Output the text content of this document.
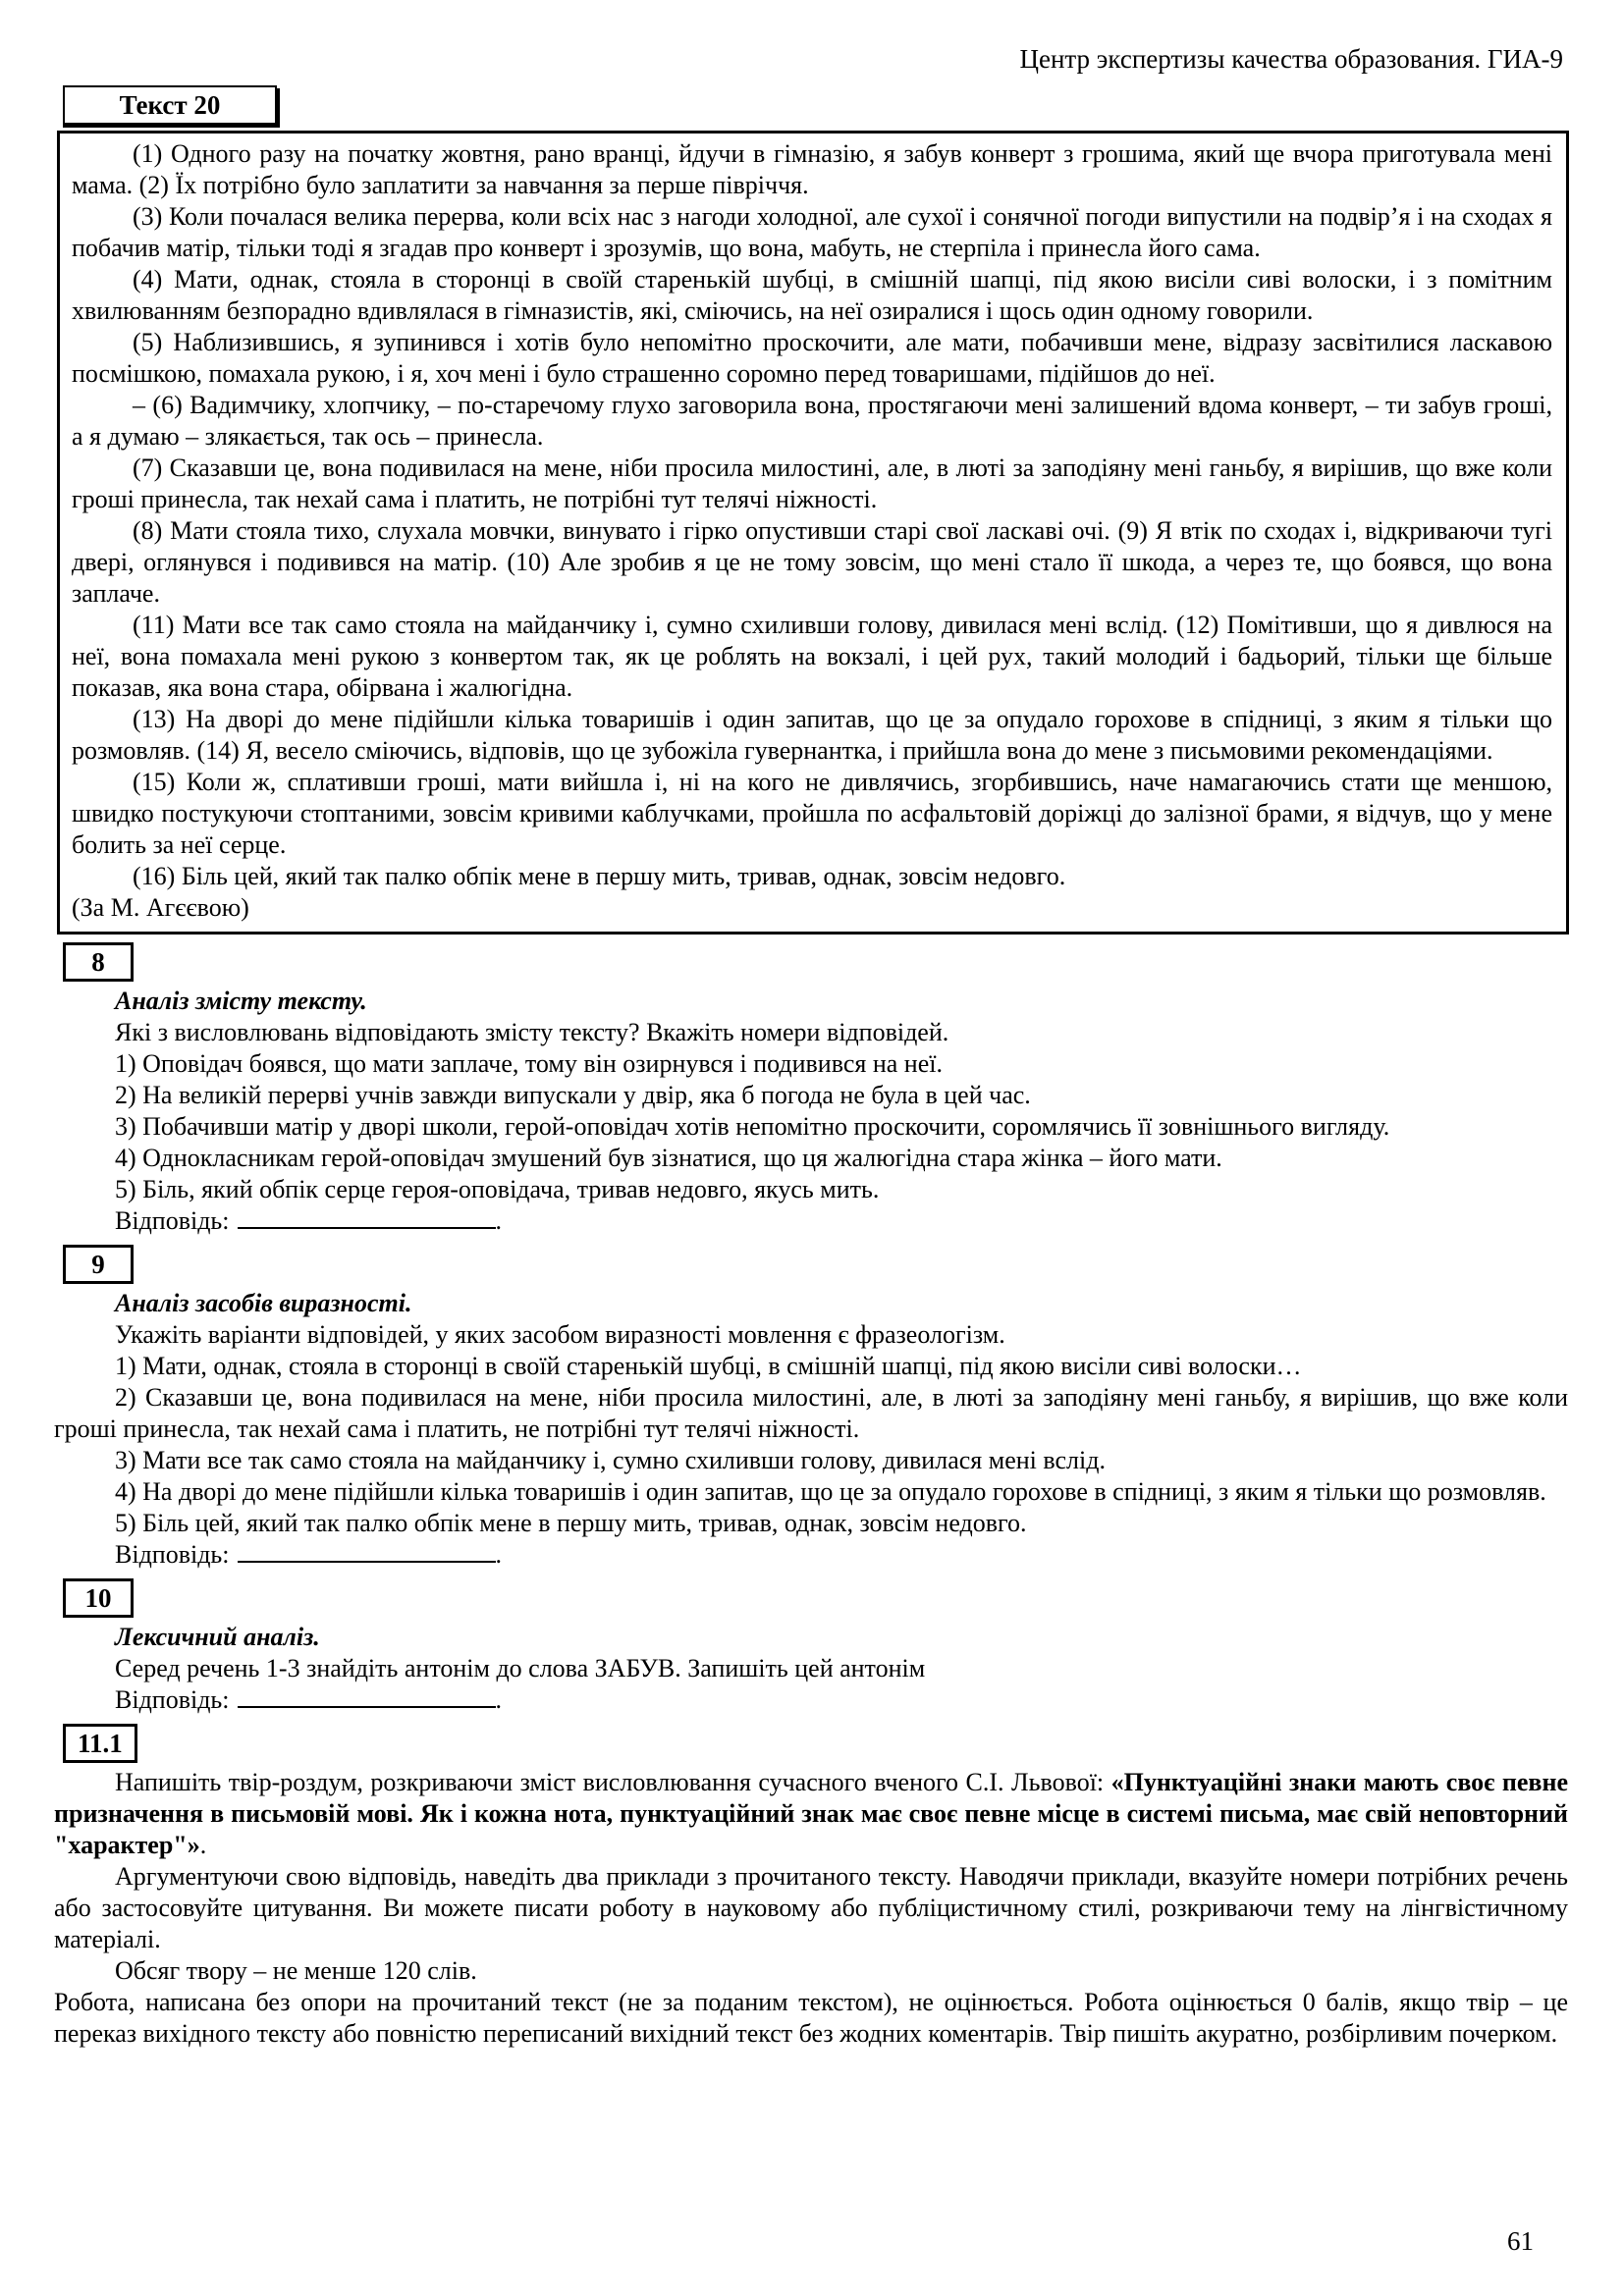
Центр экспертизы качества образования. ГИА-9
Текст 20

(1) Одного разу на початку жовтня, рано вранці, йдучи в гімназію, я забув конверт з грошима, який ще вчора приготувала мені мама. (2) Їх потрібно було заплатити за навчання за перше півріччя.

(3) Коли почалася велика перерва, коли всіх нас з нагоди холодної, але сухої і сонячної погоди випустили на подвір’я і на сходах я побачив матір, тільки тоді я згадав про конверт і зрозумів, що вона, мабуть, не стерпіла і принесла його сама.

(4) Мати, однак, стояла в сторонці в своїй старенькій шубці, в смішній шапці, під якою висіли сиві волоски, і з помітним хвилюванням безпорадно вдивлялася в гімназистів, які, сміючись, на неї озиралися і щось один одному говорили.

(5) Наблизившись, я зупинився і хотів було непомітно проскочити, але мати, побачивши мене, відразу засвітилися ласкавою посмішкою, помахала рукою, і я, хоч мені і було страшенно соромно перед товаришами, підійшов до неї.

– (6) Вадимчику, хлопчику, – по-старечому глухо заговорила вона, простягаючи мені залишений вдома конверт, – ти забув гроші, а я думаю – злякається, так ось – принесла.

(7) Сказавши це, вона подивилася на мене, ніби просила милостині, але, в люті за заподіяну мені ганьбу, я вирішив, що вже коли гроші принесла, так нехай сама і платить, не потрібні тут телячі ніжності.

(8) Мати стояла тихо, слухала мовчки, винувато і гірко опустивши старі свої ласкаві очі. (9) Я втік по сходах і, відкриваючи тугі двері, оглянувся і подивився на матір. (10) Але зробив я це не тому зовсім, що мені стало її шкода, а через те, що боявся, що вона заплаче.

(11) Мати все так само стояла на майданчику і, сумно схиливши голову, дивилася мені вслід. (12) Помітивши, що я дивлюся на неї, вона помахала мені рукою з конвертом так, як це роблять на вокзалі, і цей рух, такий молодий і бадьорий, тільки ще більше показав, яка вона стара, обірвана і жалюгідна.

(13) На дворі до мене підійшли кілька товаришів і один запитав, що це за опудало горохове в спідниці, з яким я тільки що розмовляв. (14) Я, весело сміючись, відповів, що це зубожіла гувернантка, і прийшла вона до мене з письмовими рекомендаціями.

(15) Коли ж, сплативши гроші, мати вийшла і, ні на кого не дивлячись, згорбившись, наче намагаючись стати ще меншою, швидко постукуючи стоптаними, зовсім кривими каблучками, пройшла по асфальтовій доріжці до залізної брами, я відчув, що у мене болить за неї серце.

(16) Біль цей, який так палко обпік мене в першу мить, тривав, однак, зовсім недовго.

(За М. Агєєвою)

8

Аналіз змісту тексту.

Які з висловлювань відповідають змісту тексту? Вкажіть номери відповідей.

1) Оповідач боявся, що мати заплаче, тому він озирнувся і подивився на неї.

2) На великій перерві учнів завжди випускали у двір, яка б погода не була в цей час.

3) Побачивши матір у дворі школи, герой-оповідач хотів непомітно проскочити, соромлячись її зовнішнього вигляду.

4) Однокласникам герой-оповідач змушений був зізнатися, що ця жалюгідна стара жінка – його мати.

5) Біль, який обпік серце героя-оповідача, тривав недовго, якусь мить.

Відповідь:	.

9

Аналіз засобів виразності.

Укажіть варіанти відповідей, у яких засобом виразності мовлення є фразеологізм.

1) Мати, однак, стояла в сторонці в своїй старенькій шубці, в смішній шапці, під якою висіли сиві волоски…

2) Сказавши це, вона подивилася на мене, ніби просила милостині, але, в люті за заподіяну мені ганьбу, я вирішив, що вже коли гроші принесла, так нехай сама і платить, не потрібні тут телячі ніжності.

3) Мати все так само стояла на майданчику і, сумно схиливши голову, дивилася мені вслід.

4) На дворі до мене підійшли кілька товаришів і один запитав, що це за опудало горохове в спідниці, з яким я тільки що розмовляв.

5) Біль цей, який так палко обпік мене в першу мить, тривав, однак, зовсім недовго.

Відповідь:	.

10

Лексичний аналіз.

Серед речень 1-3 знайдіть антонім до слова ЗАБУВ. Запишіть цей антонім

Відповідь:	.

11.1

Напишіть твір-роздум, розкриваючи зміст висловлювання сучасного вченого С.І. Львової: «Пунктуаційні знаки мають своє певне призначення в письмовій мові. Як і кожна нота, пунктуаційний знак має своє певне місце в системі письма, має свій неповторний "характер"».

Аргументуючи свою відповідь, наведіть два приклади з прочитаного тексту. Наводячи приклади, вказуйте номери потрібних речень або застосовуйте цитування. Ви можете писати роботу в науковому або публіцистичному стилі, розкриваючи тему на лінгвістичному матеріалі.

Обсяг твору – не менше 120 слів.

Робота, написана без опори на прочитаний текст (не за поданим текстом), не оцінюється. Робота оцінюється 0 балів, якщо твір – це переказ вихідного тексту або повністю переписаний вихідний текст без жодних коментарів. Твір пишіть акуратно, розбірливим почерком.

61
